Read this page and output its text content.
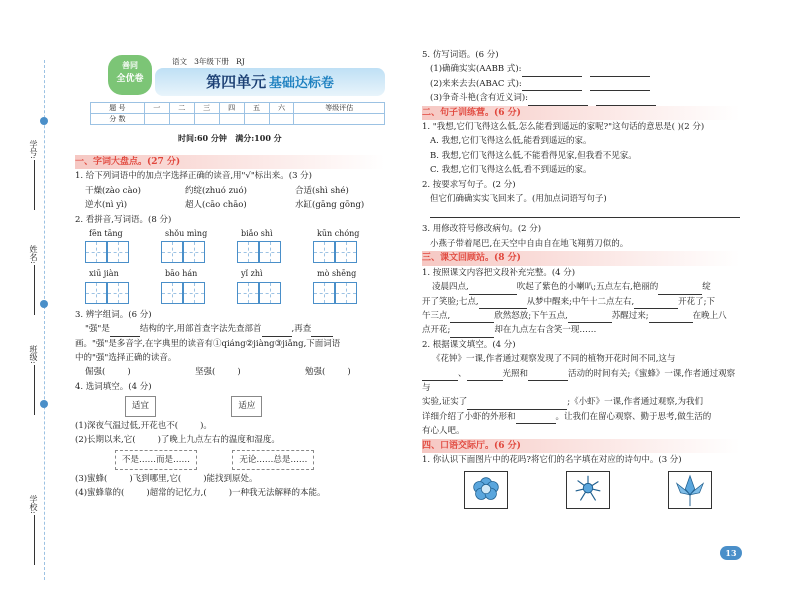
学号:
姓名:
班级:
学校:
善同
全优卷
语文 3年级下册 RJ
第四单元 基础达标卷
题 号	一	二	三	四	五	六	等级评估
分 数							
时间:60 分钟 满分:100 分
一、字词大盘点。(27 分)
1. 给下列词语中的加点字选择正确的读音,用"√"标出来。(3 分)
干燥(zào cào)	约绽(zhuó zuó)	合适(shì shé)
逆水(nì yì)	超人(cāo chāo)	水缸(gāng gōng)
2. 看拼音,写词语。(8 分)
fēn tāng	shǒu mìng	biǎo shì	kūn chóng
xiū jiàn	bāo hán	yǐ zhì	mò shēng
3. 辨字组词。(6 分)
"强"是	结构的字,用部首查字法先查部首	,再查
画。"强"是多音字,在字典里的读音有①qiáng②jiàng③jiǎng,下面词语
中的"强"选择正确的读音。
倔强(	)	坚强(	)	勉强(	)
4. 选词填空。(4 分)
适宜	适应
(1)深夜气温过低,开花也不(	)。
(2)长期以来,它(	)了晚上九点左右的温度和湿度。
不是……而是……	无论……总是……
(3)蜜蜂(	)飞到哪里,它(	)能找到原处。
(4)蜜蜂靠的(	)超常的记忆力,(	)一种我无法解释的本能。
5. 仿写词语。(6 分)
(1)确确实实(AABB 式):
(2)来来去去(ABAC 式):
(3)争奇斗艳(含有近义词):
二、句子训练营。(6 分)
1. "我想,它们飞得这么低,怎么能看到遥远的家呢?"这句话的意思是( )(2 分)
A. 我想,它们飞得这么低,能看到遥远的家。
B. 我想,它们飞得这么低,不能看得见家,但我看不见家。
C. 我想,它们飞得这么低,看不到遥远的家。
2. 按要求写句子。(2 分)
但它们确确实实飞回来了。(用加点词语写句子)
3. 用修改符号修改病句。(2 分)
小燕子带着尾巴,在天空中自由自在地飞翔剪刀似的。
三、课文回顾站。(8 分)
1. 按照课文内容把文段补充完整。(4 分)
凌晨四点,	吹起了紫色的小喇叭;五点左右,艳丽的	绽
开了笑脸;七点,	从梦中醒来;中午十二点左右,	开花了;下
午三点,	欣然怒放;下午五点,	苏醒过来;	在晚上八
点开花;	却在九点左右含笑一现……
2. 根据课文填空。(4 分)
《花钟》一课,作者通过观察发现了不同的植物开花时间不同,这与
、	光照和	活动的时间有关;《蜜蜂》一课,作者通过观察与
实验,证实了	;《小虾》一课,作者通过观察,为我们
详细介绍了小虾的外形和	。让我们在留心观察、勤于思考,做生活的
有心人吧。
四、口语交际厅。(6 分)
1. 你认识下面图片中的花吗?将它们的名字填在对应的诗句中。(3 分)
13
